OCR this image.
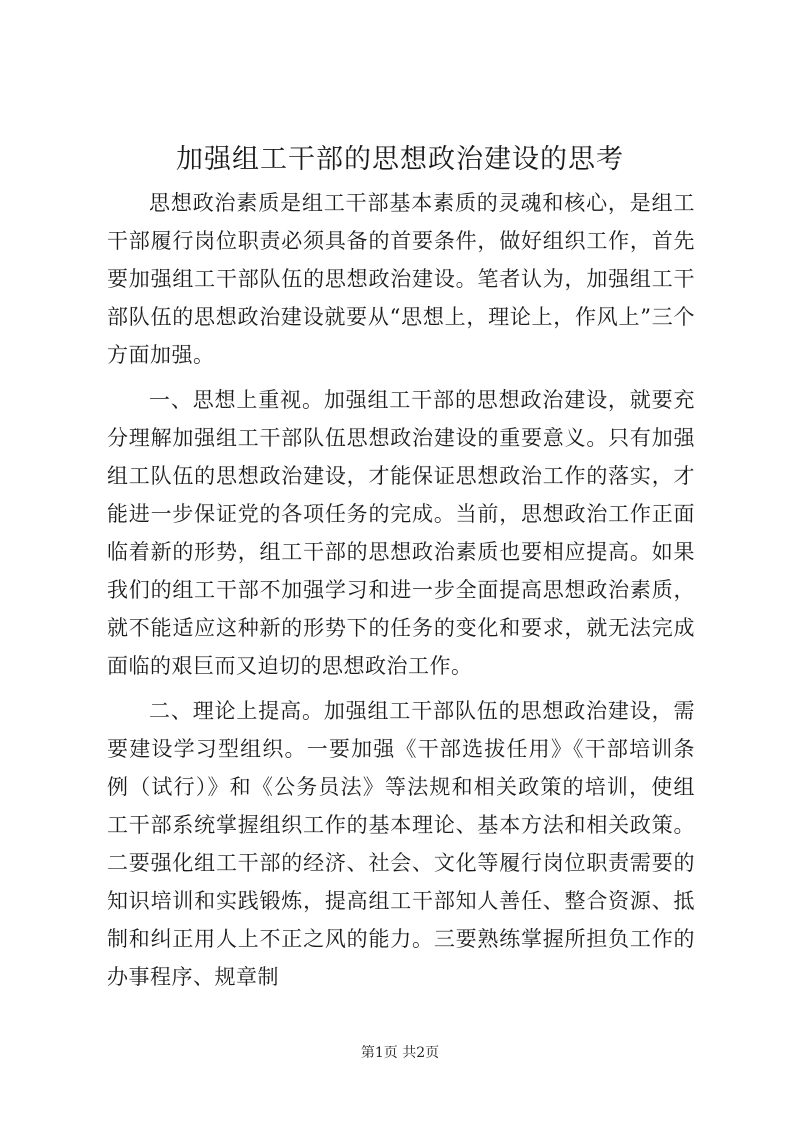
加强组工干部的思想政治建设的思考

思想政治素质是组工干部基本素质的灵魂和核心，是组工干部履行岗位职责必须具备的首要条件，做好组织工作，首先要加强组工干部队伍的思想政治建设。笔者认为，加强组工干部队伍的思想政治建设就要从“思想上，理论上，作风上”三个方面加强。

一、思想上重视。加强组工干部的思想政治建设，就要充分理解加强组工干部队伍思想政治建设的重要意义。只有加强组工队伍的思想政治建设，才能保证思想政治工作的落实，才能进一步保证党的各项任务的完成。当前，思想政治工作正面临着新的形势，组工干部的思想政治素质也要相应提高。如果我们的组工干部不加强学习和进一步全面提高思想政治素质，就不能适应这种新的形势下的任务的变化和要求，就无法完成面临的艰巨而又迫切的思想政治工作。

二、理论上提高。加强组工干部队伍的思想政治建设，需要建设学习型组织。一要加强《干部选拔任用》《干部培训条例（试行）》和《公务员法》等法规和相关政策的培训，使组工干部系统掌握组织工作的基本理论、基本方法和相关政策。二要强化组工干部的经济、社会、文化等履行岗位职责需要的知识培训和实践锻炼，提高组工干部知人善任、整合资源、抵制和纠正用人上不正之风的能力。三要熟练掌握所担负工作的办事程序、规章制

第1页 共2页
